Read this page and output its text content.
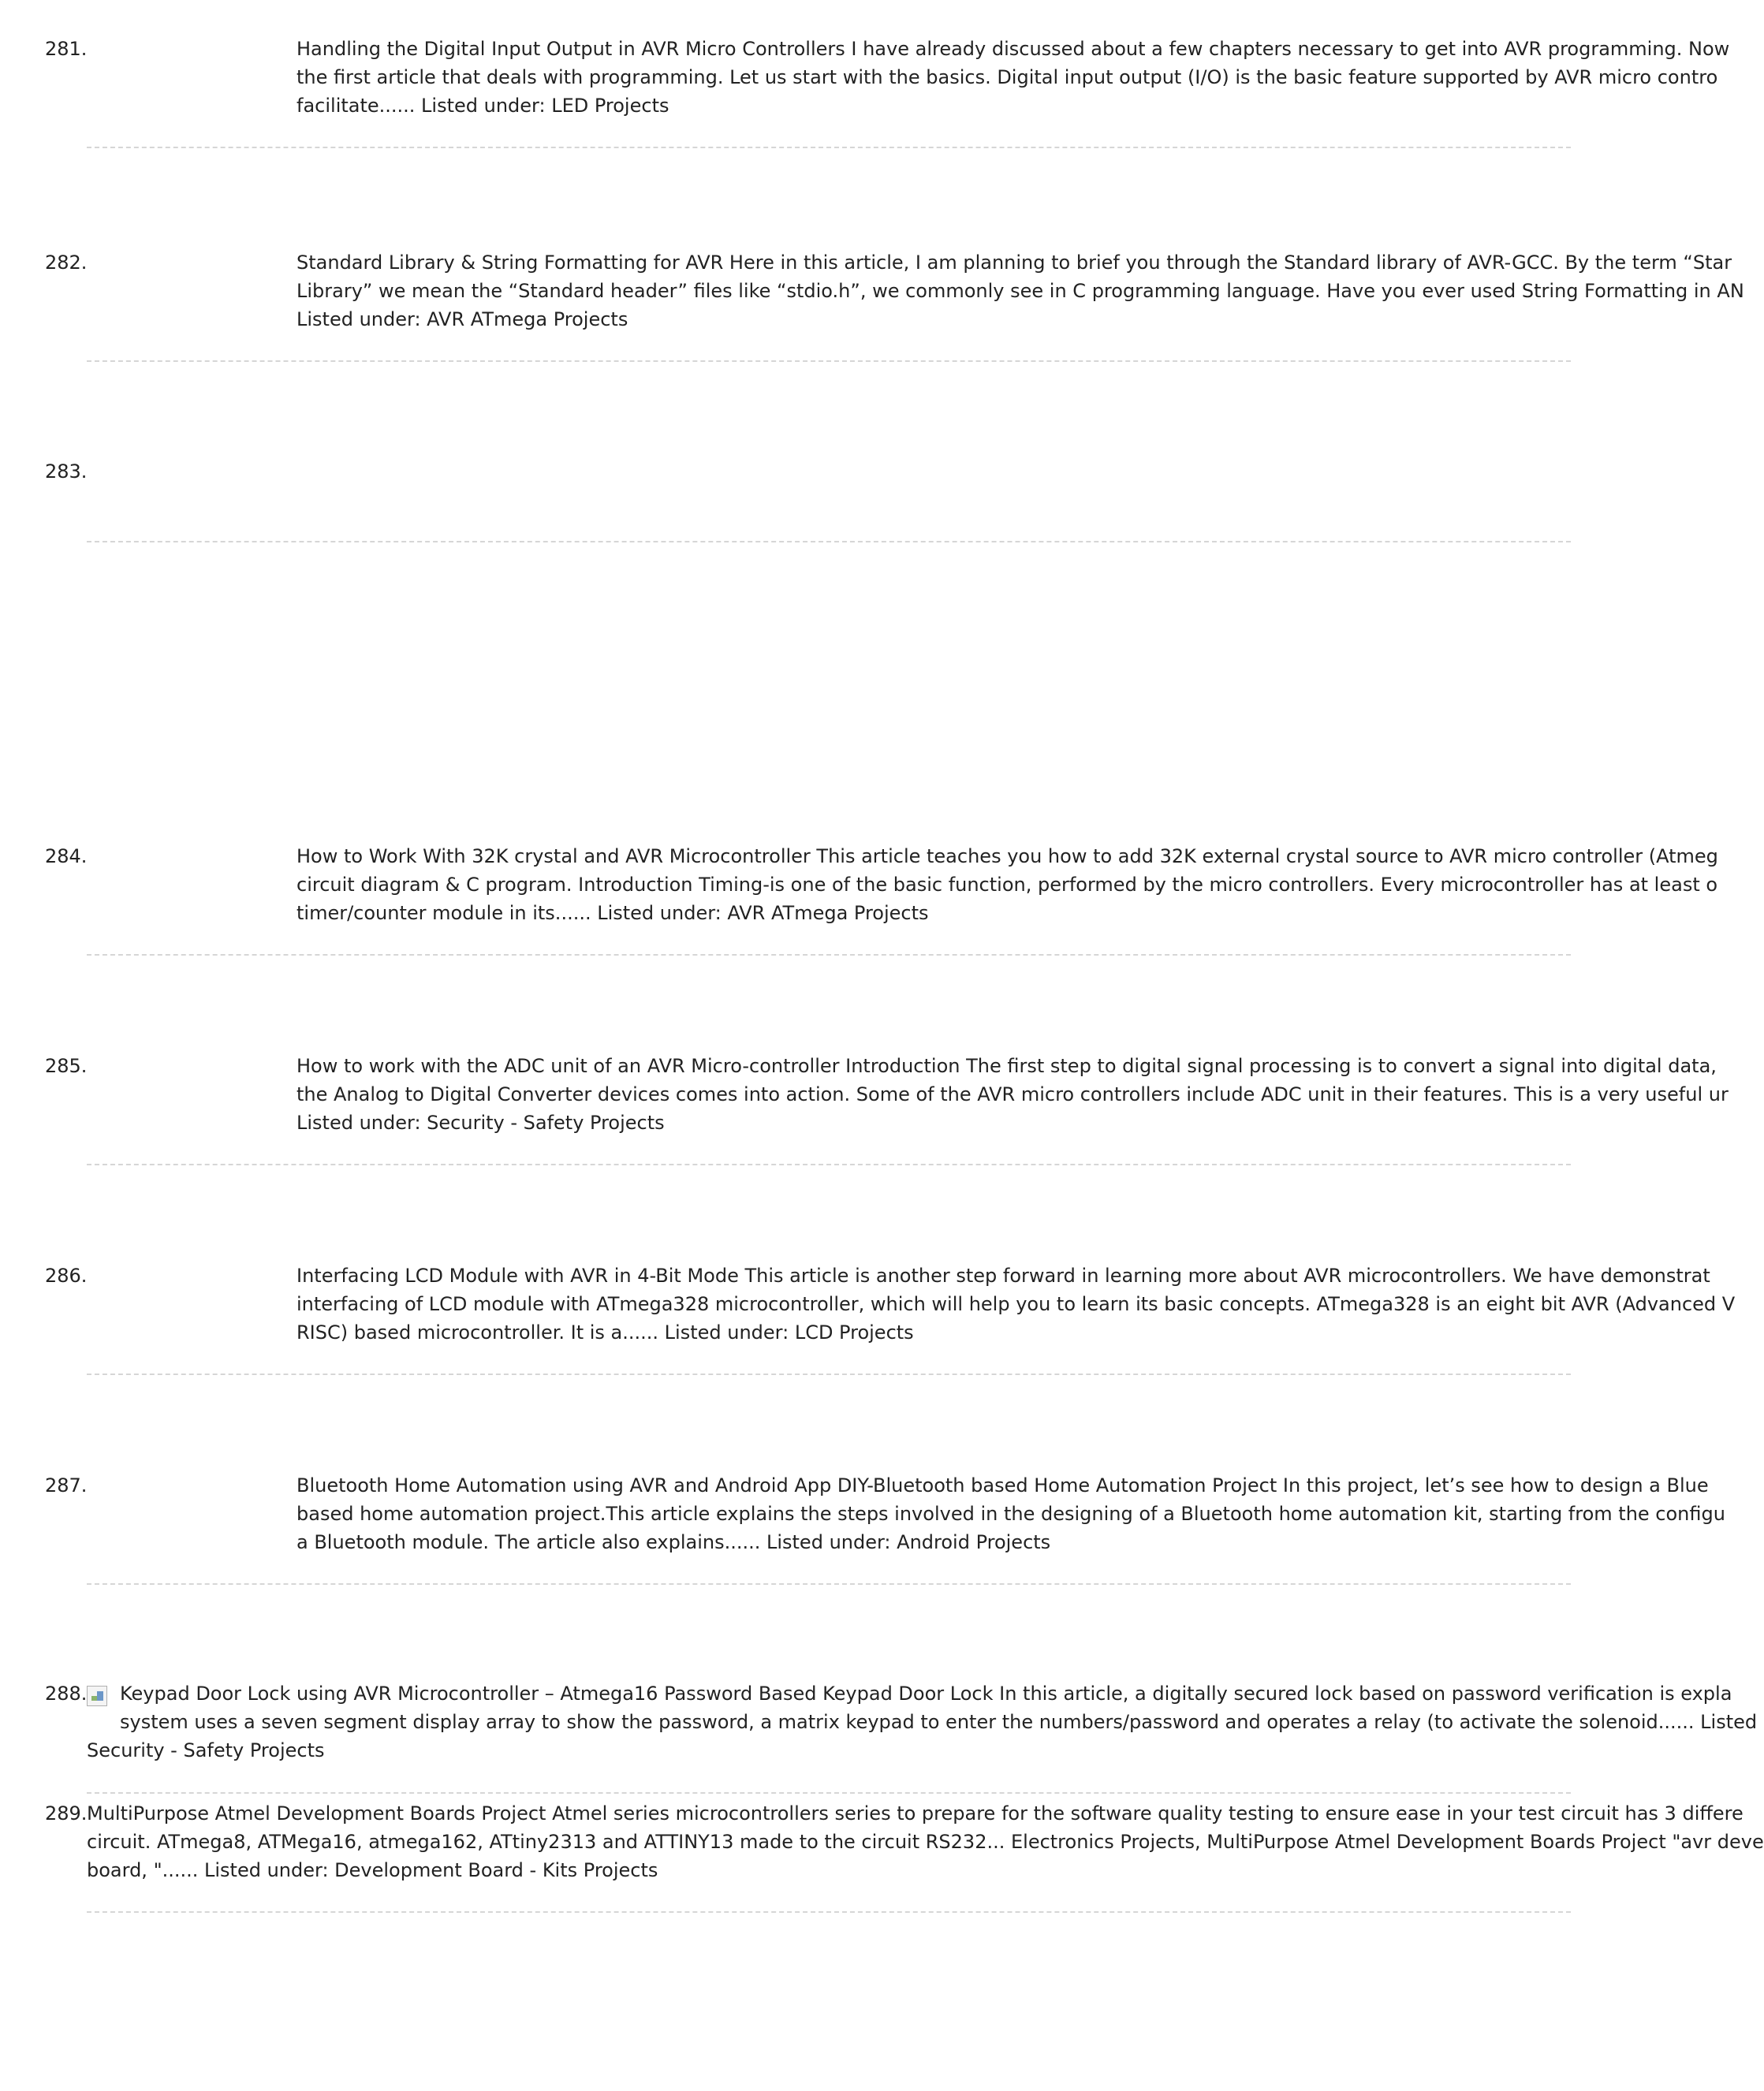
281.	Handling the Digital Input Output in AVR Micro Controllers I have already discussed about a few chapters necessary to get into AVR programming. Now
the first article that deals with programming. Let us start with the basics. Digital input output (I/O) is the basic feature supported by AVR micro contro
facilitate...... Listed under: LED Projects
282.	Standard Library & String Formatting for AVR Here in this article, I am planning to brief you through the Standard library of AVR-GCC. By the term “Star
Library” we mean the “Standard header” files like “stdio.h”, we commonly see in C programming language. Have you ever used String Formatting in AN
Listed under: AVR ATmega Projects
283.
284.	How to Work With 32K crystal and AVR Microcontroller This article teaches you how to add 32K external crystal source to AVR micro controller (Atmeg
circuit diagram & C program. Introduction Timing-is one of the basic function, performed by the micro controllers. Every microcontroller has at least o
timer/counter module in its...... Listed under: AVR ATmega Projects
285.	How to work with the ADC unit of an AVR Micro-controller Introduction The first step to digital signal processing is to convert a signal into digital data,
the Analog to Digital Converter devices comes into action. Some of the AVR micro controllers include ADC unit in their features. This is a very useful ur
Listed under: Security - Safety Projects
286.	Interfacing LCD Module with AVR in 4-Bit Mode This article is another step forward in learning more about AVR microcontrollers. We have demonstrat
interfacing of LCD module with ATmega328 microcontroller, which will help you to learn its basic concepts. ATmega328 is an eight bit AVR (Advanced V
RISC) based microcontroller. It is a...... Listed under: LCD Projects
287.	Bluetooth Home Automation using AVR and Android App DIY-Bluetooth based Home Automation Project In this project, let’s see how to design a Blue
based home automation project.This article explains the steps involved in the designing of a Bluetooth home automation kit, starting from the configu
a Bluetooth module. The article also explains...... Listed under: Android Projects
288. Keypad Door Lock using AVR Microcontroller – Atmega16 Password Based Keypad Door Lock In this article, a digitally secured lock based on password verification is expla
system uses a seven segment display array to show the password, a matrix keypad to enter the numbers/password and operates a relay (to activate the solenoid...... Listed
Security - Safety Projects
289. MultiPurpose Atmel Development Boards Project Atmel series microcontrollers series to prepare for the software quality testing to ensure ease in your test circuit has 3 differe
circuit. ATmega8, ATMega16, atmega162, ATtiny2313 and ATTINY13 made to the circuit RS232... Electronics Projects, MultiPurpose Atmel Development Boards Project "avr deve
board, "...... Listed under: Development Board - Kits Projects
